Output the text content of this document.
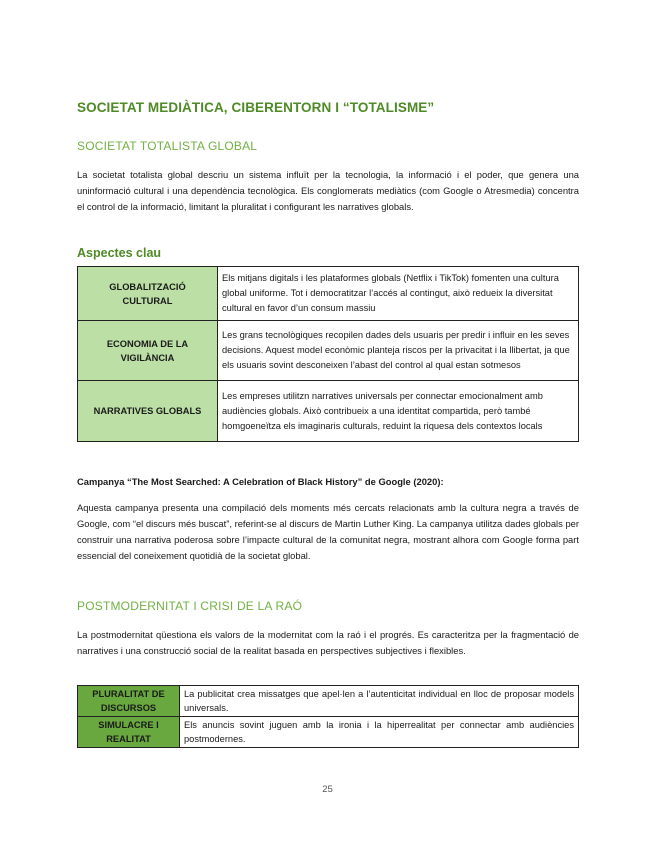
SOCIETAT MEDIÀTICA, CIBERENTORN I “TOTALISME”
SOCIETAT TOTALISTA GLOBAL

La societat totalista global descriu un sistema influït per la tecnologia, la informació i el poder, que genera una uninformació cultural i una dependència tecnològica. Els conglomerats mediàtics (com Google o Atresmedia) concentra el control de la informació, limitant la pluralitat i configurant les narratives globals.

Aspectes clau
GLOBALITZACIÓ CULTURAL	Els mitjans digitals i les plataformes globals (Netflix i TikTok) fomenten una cultura global uniforme. Tot i democratitzar l’accés al contingut, això redueix la diversitat cultural en favor d’un consum massiu
ECONOMIA DE LA VIGILÀNCIA	Les grans tecnològiques recopilen dades dels usuaris per predir i influir en les seves decisions. Aquest model econòmic planteja riscos per la privacitat i la llibertat, ja que els usuaris sovint desconeixen l’abast del control al qual estan sotmesos
NARRATIVES GLOBALS	Les empreses utilitzn narratives universals per connectar emocionalment amb audiències globals. Això contribueix a una identitat compartida, però també homgoeneïtza els imaginaris culturals, reduint la riquesa dels contextos locals
Campanya “The Most Searched: A Celebration of Black History” de Google (2020):

Aquesta campanya presenta una compilació dels moments més cercats relacionats amb la cultura negra a través de Google, com “el discurs més buscat”, referint-se al discurs de Martin Luther King. La campanya utilitza dades globals per construir una narrativa poderosa sobre l’impacte cultural de la comunitat negra, mostrant alhora com Google forma part essencial del coneixement quotidià de la societat global.

POSTMODERNITAT I CRISI DE LA RAÓ

La postmodernitat qüestiona els valors de la modernitat com la raó i el progrés. Es caracteritza per la fragmentació de narratives i una construcció social de la realitat basada en perspectives subjectives i flexibles.

PLURALITAT DE DISCURSOS	La publicitat crea missatges que apel·len a l’autenticitat individual en lloc de proposar models universals.
SIMULACRE I REALITAT	Els anuncis sovint juguen amb la ironia i la hiperrealitat per connectar amb audiències postmodernes.
25
